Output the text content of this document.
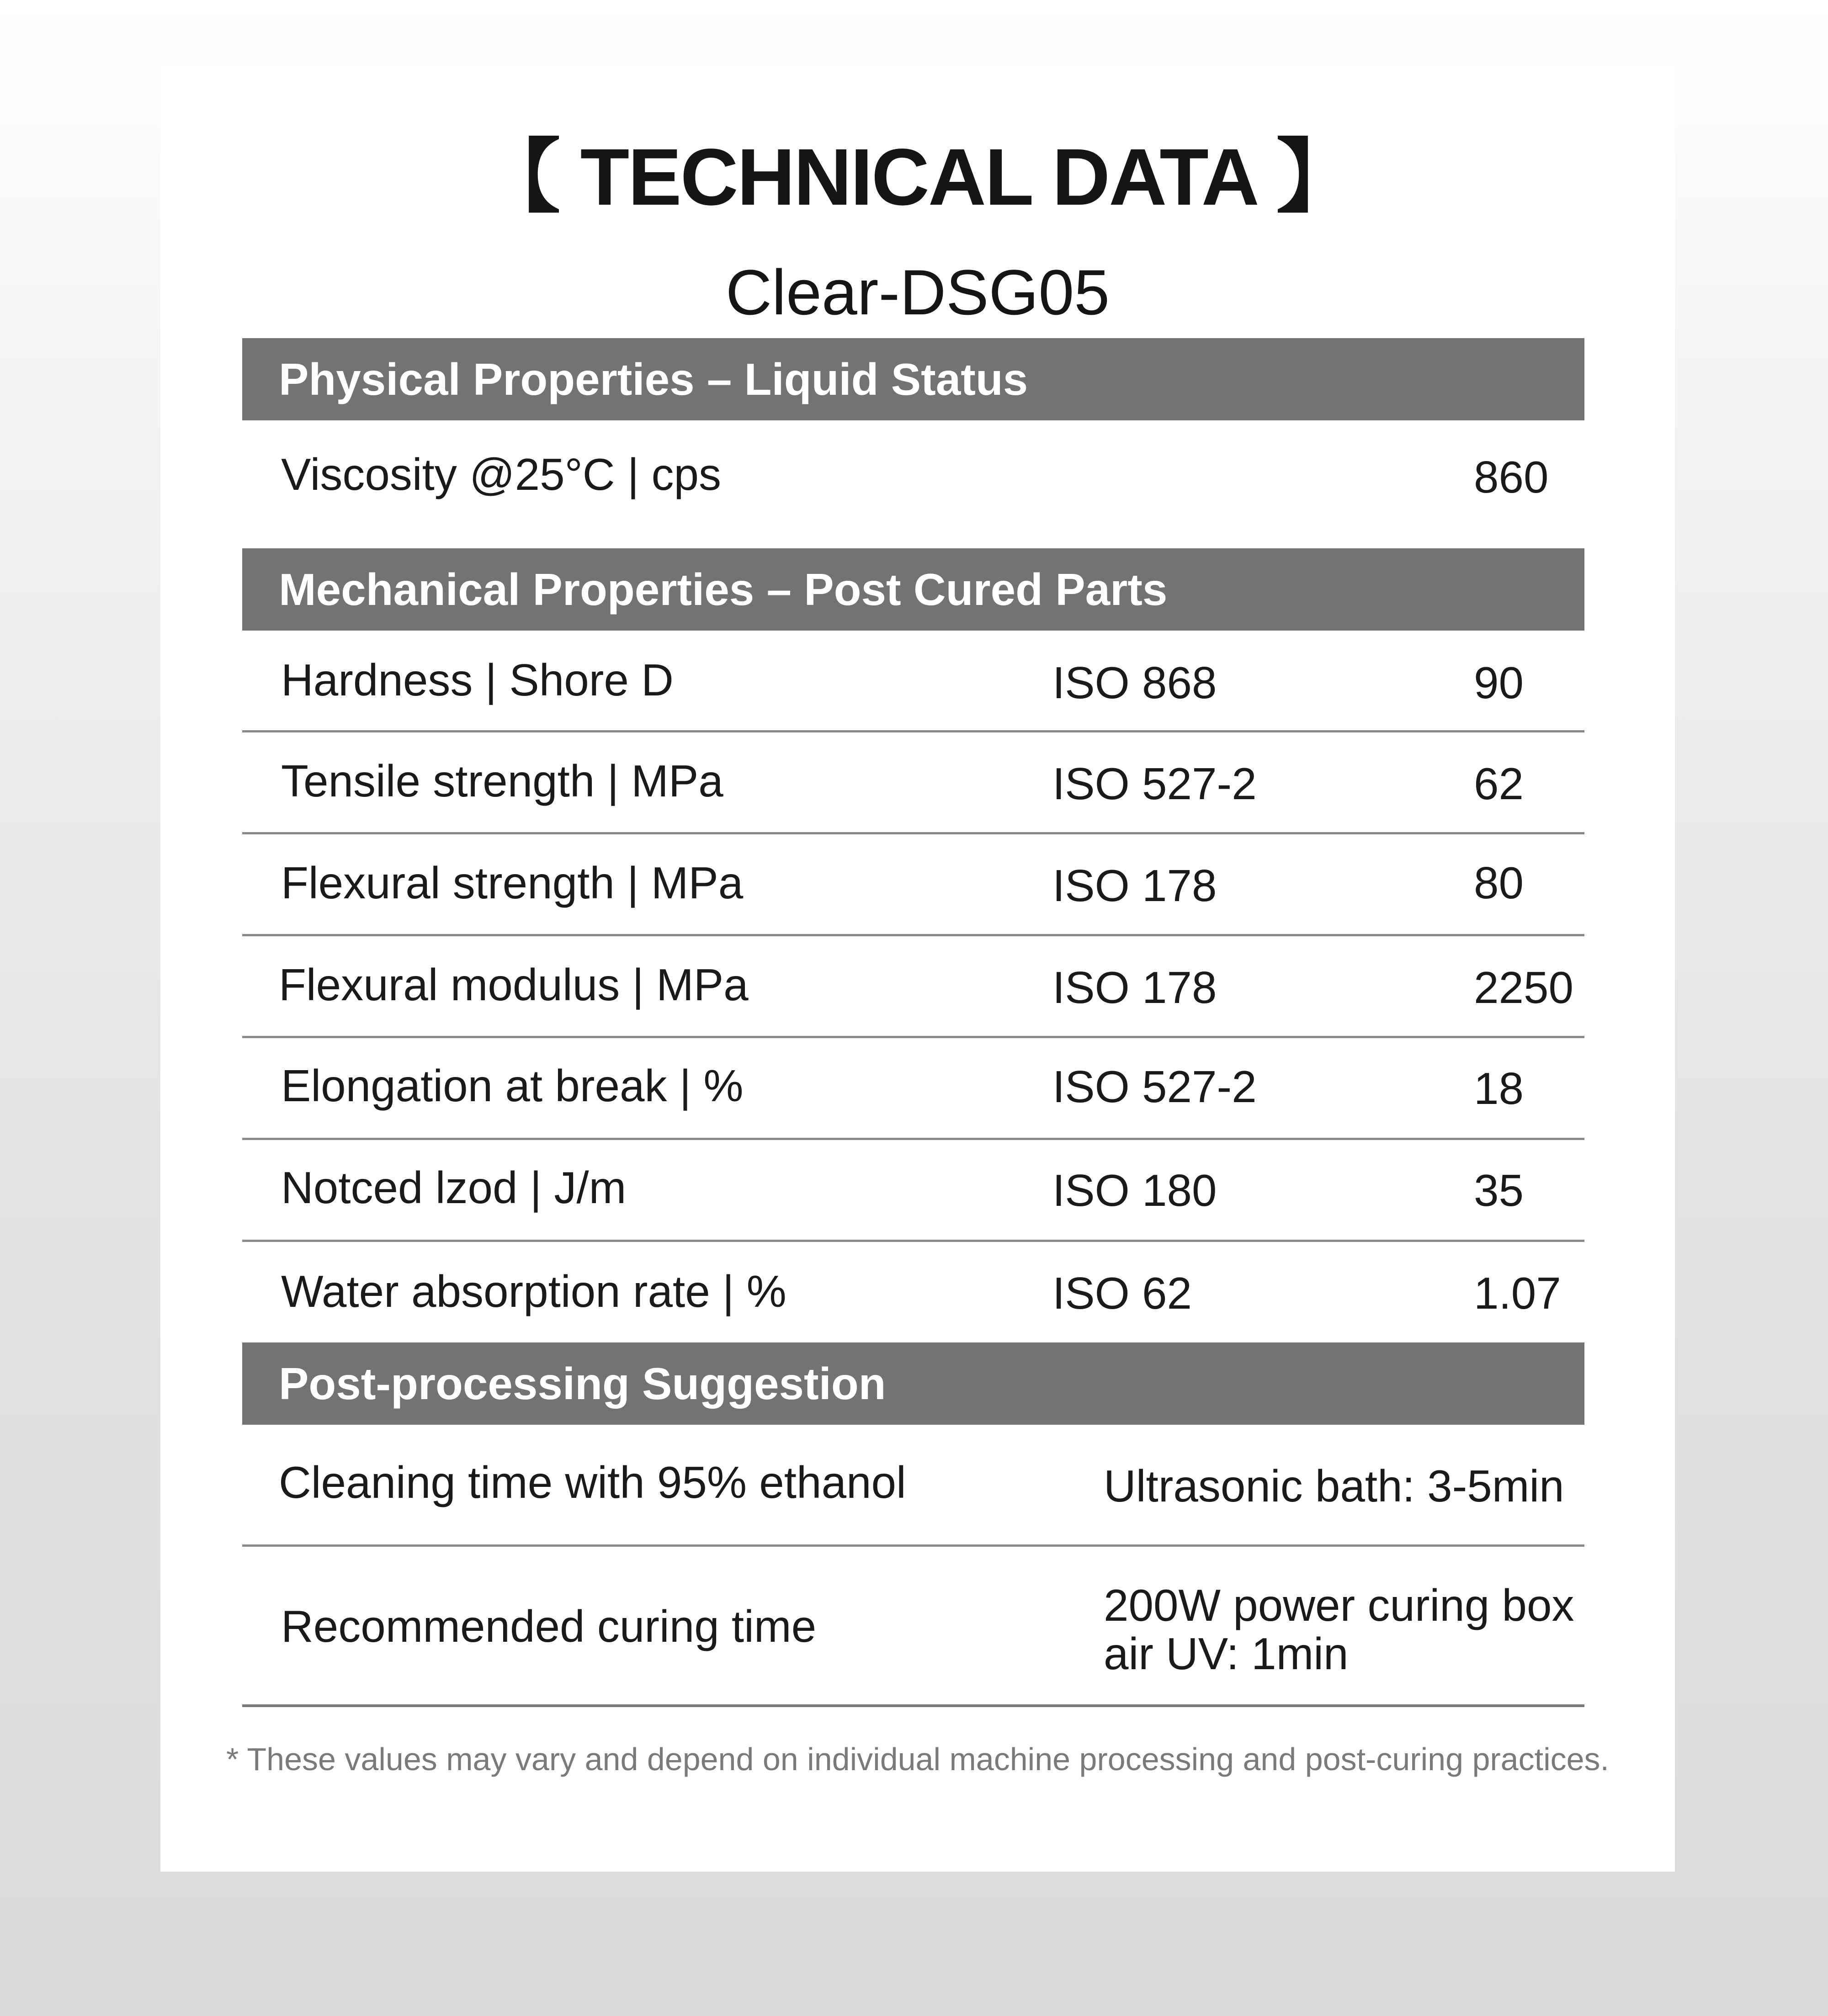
【 TECHNICAL DATA 】
Clear-DSG05
Physical Properties – Liquid Status
Viscosity @25°C | cps	860
Mechanical Properties – Post Cured Parts
Hardness | Shore D	ISO 868	90
Tensile strength | MPa	ISO 527-2	62
Flexural strength | MPa	ISO 178	80
Flexural modulus | MPa	ISO 178	2250
Elongation at break | %	ISO 527-2	18
Notced lzod | J/m	ISO 180	35
Water absorption rate | %	ISO 62	1.07
Post-processing Suggestion
Cleaning time with 95% ethanol	Ultrasonic bath: 3-5min
Recommended curing time	200W power curing box
air UV: 1min
* These values may vary and depend on individual machine processing and post-curing practices.
